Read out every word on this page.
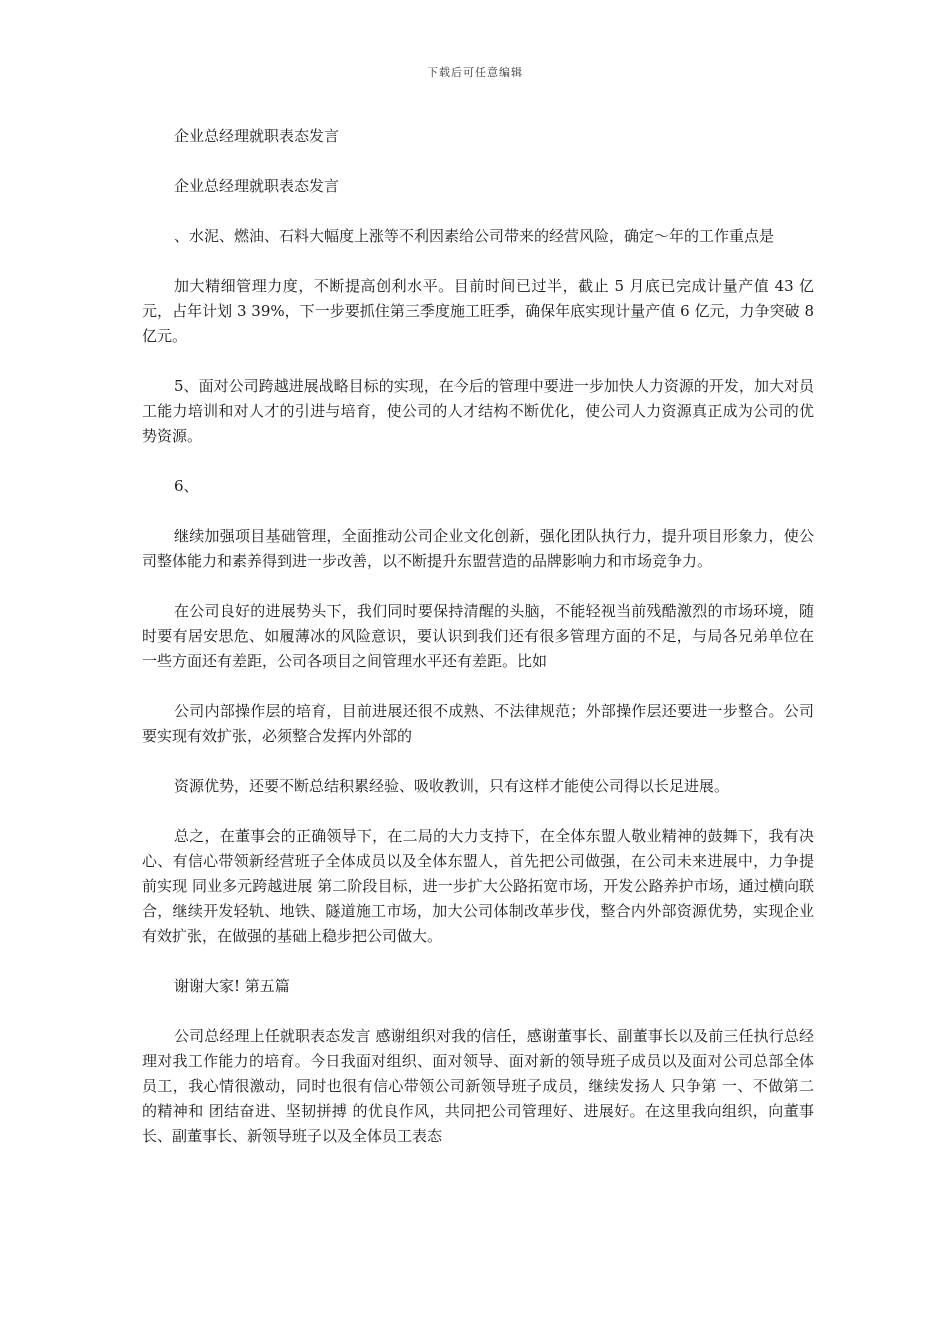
下载后可任意编辑

企业总经理就职表态发言

企业总经理就职表态发言

、水泥、燃油、石料大幅度上涨等不利因素给公司带来的经营风险，确定～年的工作重点是

加大精细管理力度，不断提高创利水平。目前时间已过半，截止 5 月底已完成计量产值 43 亿元，占年计划 3 39%，下一步要抓住第三季度施工旺季，确保年底实现计量产值 6 亿元，力争突破 8 亿元。

5、面对公司跨越进展战略目标的实现，在今后的管理中要进一步加快人力资源的开发，加大对员工能力培训和对人才的引进与培育，使公司的人才结构不断优化，使公司人力资源真正成为公司的优势资源。

6、

继续加强项目基础管理，全面推动公司企业文化创新，强化团队执行力，提升项目形象力，使公司整体能力和素养得到进一步改善，以不断提升东盟营造的品牌影响力和市场竞争力。

在公司良好的进展势头下，我们同时要保持清醒的头脑，不能轻视当前残酷激烈的市场环境，随时要有居安思危、如履薄冰的风险意识，要认识到我们还有很多管理方面的不足，与局各兄弟单位在一些方面还有差距，公司各项目之间管理水平还有差距。比如

公司内部操作层的培育，目前进展还很不成熟、不法律规范；外部操作层还要进一步整合。公司要实现有效扩张，必须整合发挥内外部的

资源优势，还要不断总结积累经验、吸收教训，只有这样才能使公司得以长足进展。

总之，在董事会的正确领导下，在二局的大力支持下，在全体东盟人敬业精神的鼓舞下，我有决心、有信心带领新经营班子全体成员以及全体东盟人，首先把公司做强，在公司未来进展中，力争提前实现 同业多元跨越进展 第二阶段目标，进一步扩大公路拓宽市场，开发公路养护市场，通过横向联合，继续开发轻轨、地铁、隧道施工市场，加大公司体制改革步伐，整合内外部资源优势，实现企业有效扩张，在做强的基础上稳步把公司做大。

谢谢大家! 第五篇

公司总经理上任就职表态发言 感谢组织对我的信任，感谢董事长、副董事长以及前三任执行总经理对我工作能力的培育。今日我面对组织、面对领导、面对新的领导班子成员以及面对公司总部全体员工，我心情很激动，同时也很有信心带领公司新领导班子成员，继续发扬人 只争第 一、不做第二 的精神和 团结奋进、坚韧拼搏 的优良作风，共同把公司管理好、进展好。在这里我向组织，向董事长、副董事长、新领导班子以及全体员工表态
